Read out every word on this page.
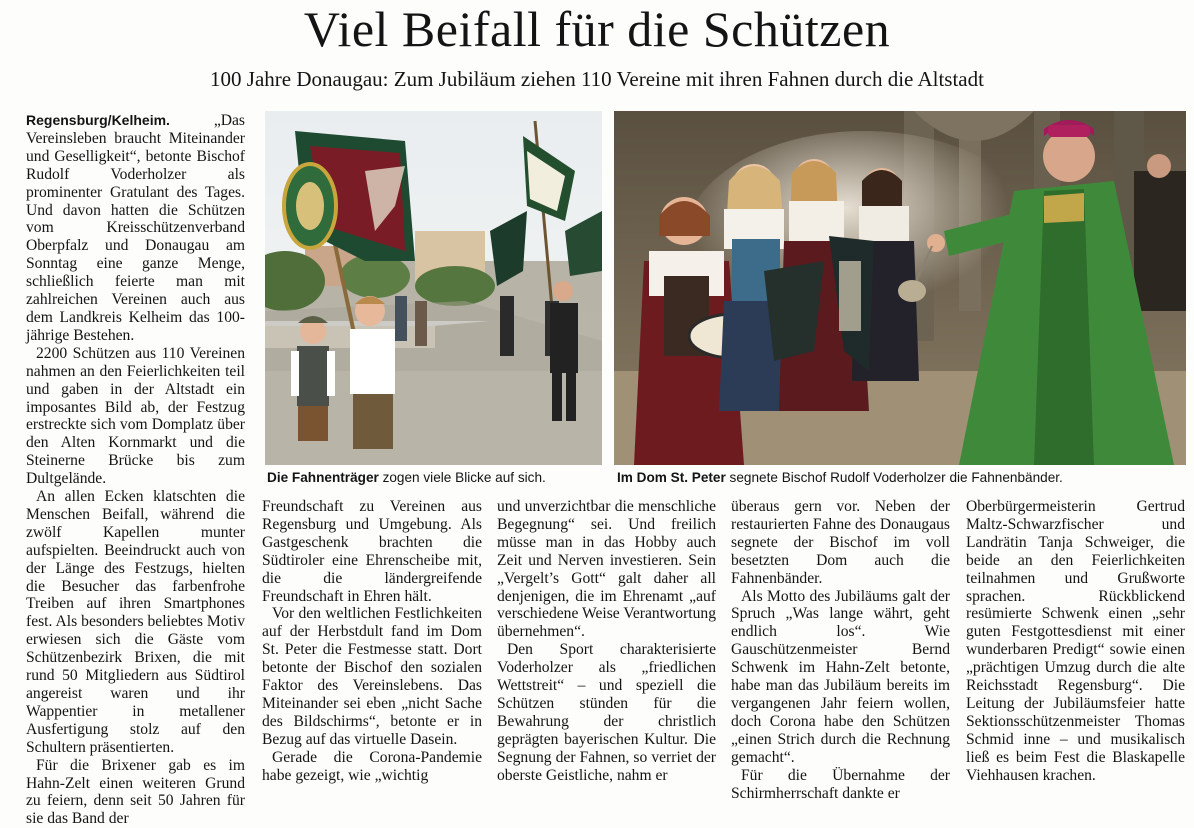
Viel Beifall für die Schützen
100 Jahre Donaugau: Zum Jubiläum ziehen 110 Vereine mit ihren Fahnen durch die Altstadt

Regensburg/Kelheim.	„Das Vereinsleben braucht Miteinander und Geselligkeit“, betonte Bischof Rudolf Voderholzer als prominenter Gratulant des Tages. Und davon hatten die Schützen vom Kreisschützenverband Oberpfalz und Donaugau am Sonntag eine ganze Menge, schließlich feierte man mit zahlreichen Vereinen auch aus dem Landkreis Kelheim das 100-jährige Bestehen.

2200 Schützen aus 110 Vereinen nahmen an den Feierlichkeiten teil und gaben in der Altstadt ein imposantes Bild ab, der Festzug erstreckte sich vom Domplatz über den Alten Kornmarkt und die Steinerne Brücke bis zum Dultgelände.

An allen Ecken klatschten die Menschen Beifall, während die zwölf Kapellen munter aufspielten. Beeindruckt auch von der Länge des Festzugs, hielten die Besucher das farbenfrohe Treiben auf ihren Smartphones fest. Als besonders beliebtes Motiv erwiesen sich die Gäste vom Schützenbezirk Brixen, die mit rund 50 Mitgliedern aus Südtirol angereist waren und ihr Wappentier in metallener Ausfertigung stolz auf den Schultern präsentierten.

Für die Brixener gab es im Hahn-Zelt einen weiteren Grund zu feiern, denn seit 50 Jahren für sie das Band der

Die Fahnenträger zogen viele Blicke auf sich.	Im Dom St. Peter segnete Bischof Rudolf Voderholzer die Fahnenbänder.

Freundschaft zu Vereinen aus Regensburg und Umgebung. Als Gastgeschenk brachten die Südtiroler eine Ehrenscheibe mit, die die ländergreifende Freundschaft in Ehren hält.

Vor den weltlichen Festlichkeiten auf der Herbstdult fand im Dom St. Peter die Festmesse statt. Dort betonte der Bischof den sozialen Faktor des Vereinslebens. Das Miteinander sei eben „nicht Sache des Bildschirms“, betonte er in Bezug auf das virtuelle Dasein.

Gerade die Corona-Pandemie habe gezeigt, wie „wichtig

und unverzichtbar die menschliche Begegnung“ sei. Und freilich müsse man in das Hobby auch Zeit und Nerven investieren. Sein „Vergelt’s Gott“ galt daher all denjenigen, die im Ehrenamt „auf verschiedene Weise Verantwortung übernehmen“.

Den Sport charakterisierte Voderholzer als „friedlichen Wettstreit“ – und speziell die Schützen stünden für die Bewahrung der christlich geprägten bayerischen Kultur. Die Segnung der Fahnen, so verriet der oberste Geistliche, nahm er

überaus gern vor. Neben der restaurierten Fahne des Donaugaus segnete der Bischof im voll besetzten Dom auch die Fahnenbänder.

Als Motto des Jubiläums galt der Spruch „Was lange währt, geht endlich los“. Wie Gauschützenmeister Bernd Schwenk im Hahn-Zelt betonte, habe man das Jubiläum bereits im vergangenen Jahr feiern wollen, doch Corona habe den Schützen „einen Strich durch die Rechnung gemacht“.

Für die Übernahme der Schirmherrschaft dankte er

Oberbürgermeisterin Gertrud Maltz-Schwarzfischer und Landrätin Tanja Schweiger, die beide an den Feierlichkeiten teilnahmen und Grußworte sprachen. Rückblickend resümierte Schwenk einen „sehr guten Festgottesdienst mit einer wunderbaren Predigt“ sowie einen „prächtigen Umzug durch die alte Reichsstadt Regensburg“. Die Leitung der Jubiläumsfeier hatte Sektionsschützenmeister Thomas Schmid inne – und musikalisch ließ es beim Fest die Blaskapelle Viehhausen krachen.
